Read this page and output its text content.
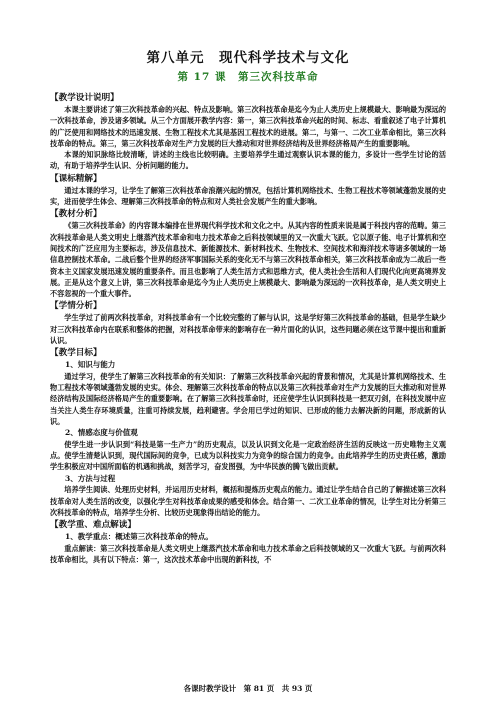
第八单元　现代科学技术与文化
第 17 课　第三次科技革命
【教学设计说明】

本课主要讲述了第三次科技革命的兴起、特点及影响。第三次科技革命是迄今为止人类历史上规模最大、影响最为深远的一次科技革命，涉及诸多领域。从三个方面展开教学内容：第一，第三次科技革命兴起的时间、标志、看重叙述了电子计算机的广泛使用和网络技术的迅速发展、生物工程技术尤其是基因工程技术的进展。第二，与第一、二次工业革命相比，第三次科技革命的特点。第三，第三次科技革命对生产力发展的巨大推动和对世界经济结构及世界经济格局产生的重要影响。

本课的知识脉络比较清晰，讲述的主线也比较明确。主要培养学生通过观察认识本课的能力，多设计一些学生讨论的活动，有助于培养学生认识、分析问题的能力。

【课标精解】

通过本课的学习，让学生了解第三次科技革命浪潮兴起的情况，包括计算机网络技术、生物工程技术等领域蓬勃发展的史实，进而使学生体会、理解第三次科技革命的特点和对人类社会发展产生的重大影响。

【教材分析】

《第三次科技革命》的内容课本编排在世界现代科学技术和文化之中。从其内容的性质来说是属于科技内容的范畴。第三次科技革命是人类文明史上继蒸汽技术革命和电力技术革命之后科技领域里的又一次重大飞跃。它以原子能、电子计算机和空间技术的广泛应用为主要标志，涉及信息技术、新能源技术、新材料技术、生物技术、空间技术和海洋技术等诸多领域的一场信息控制技术革命。二战后整个世界的经济军事国际关系的变化无不与第三次科技革命相关，第三次科技革命成为二战后一些资本主义国家发展迅速发展的重要条件。而且也影响了人类生活方式和思维方式，使人类社会生活和人们现代化向更高境界发展。正是从这个意义上讲，第三次科技革命是迄今为止人类历史上规模最大、影响最为深远的一次科技革命，是人类文明史上不容忽视的一个重大事件。

【学情分析】

学生学过了前两次科技革命，对科技革命有一个比较完整的了解与认识，这是学好第三次科技革命的基础，但是学生缺少对三次科技革命内在联系和整体的把握，对科技革命带来的影响存在一种片面化的认识，这些问题必须在这节课中提出和重新认识。

【教学目标】
1、知识与能力

通过学习，使学生了解第三次科技革命的有关知识：了解第三次科技革命兴起的背景和情况，尤其是计算机网络技术、生物工程技术等领域蓬勃发展的史实。体会、理解第三次科技革命的特点以及第三次科技革命对生产力发展的巨大推动和对世界经济结构及国际经济格局产生的重要影响。在了解第三次科技革命时，还应使学生认识到科技是一把双刃剑，在科技发展中应当关注人类生存环境质量，注重可持续发展，趋利避害。学会用已学过的知识、已形成的能力去解决新的问题，形成新的认识。

2、情感态度与价值观

使学生进一步认识到“科技是第一生产力”的历史观点，以及认识到文化是一定政治经济生活的反映这一历史唯物主义观点。使学生清楚认识到，现代国际间的竞争，已成为以科技实力为竞争的综合国力的竞争。由此培养学生的历史责任感，激励学生积极应对中国所面临的机遇和挑战，刻苦学习，奋发图强，为中华民族的腾飞做出贡献。

3、方法与过程

培养学生阅读、处理历史材料，并运用历史材料，概括和提炼历史观点的能力。通过让学生结合自己的了解描述第三次科技革命对人类生活的改变，以强化学生对科技革命成果的感受和体会。结合第一、二次工业革命的情况，让学生对比分析第三次科技革命的特点，培养学生分析、比较历史现象得出结论的能力。

【教学重、难点解读】
1、教学重点：概述第三次科技革命的特点。

重点解读：第三次科技革命是人类文明史上继蒸汽技术革命和电力技术革命之后科技领域的又一次重大飞跃。与前两次科技革命相比，具有以下特点：第一，这次技术革命中出现的新科技，不

各课时教学设计　第 81 页　共 93 页
